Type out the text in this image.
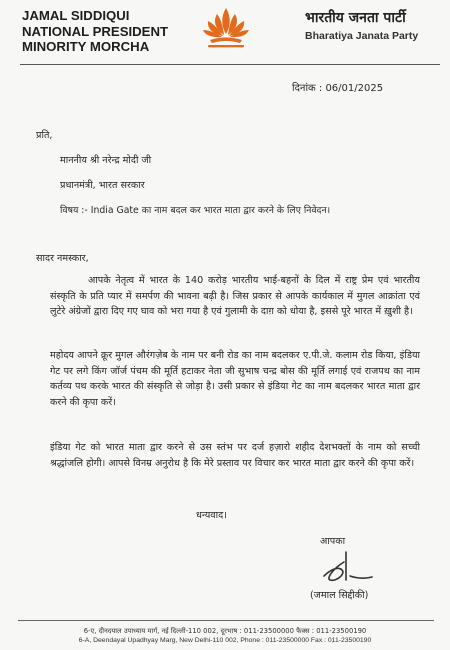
JAMAL SIDDIQUI
NATIONAL PRESIDENT
MINORITY MORCHA
भारतीय जनता पार्टी
Bharatiya Janata Party
दिनांक : 06/01/2025
प्रति,
माननीय श्री नरेन्द्र मोदी जी
प्रधानमंत्री, भारत सरकार
विषय :- India Gate का नाम बदल कर भारत माता द्वार करने के लिए निवेदन।
सादर नमस्कार,
आपके नेतृत्व में भारत के 140 करोड़ भारतीय भाई-बहनों के दिल में राष्ट्र प्रेम एवं भारतीय संस्कृति के प्रति प्यार में समर्पण की भावना बढ़ी है। जिस प्रकार से आपके कार्यकाल में मुगल आक्रांता एवं लुटेरे अंग्रेजों द्वारा दिए गए घाव को भरा गया है एवं गुलामी के दाग़ को धोया है, इससे पूरे भारत में ख़ुशी है।
महोदय आपने क्रूर मुगल औरंगज़ेब के नाम पर बनी रोड का नाम बदलकर ए.पी.जे. कलाम रोड किया, इंडिया गेट पर लगे किंग जॉर्ज पंचम की मूर्ति हटाकर नेता जी सुभाष चन्द्र बोस की मूर्ति लगाई एवं राजपथ का नाम कर्तव्य पथ करके भारत की संस्कृति से जोड़ा है। उसी प्रकार से इंडिया गेट का नाम बदलकर भारत माता द्वार करने की कृपा करें।
इंडिया गेट को भारत माता द्वार करने से उस स्तंभ पर दर्ज हज़ारो शहीद देशभक्तों के नाम को सच्ची श्रद्धांजलि होगी। आपसे विनम्र अनुरोध है कि मेरे प्रस्ताव पर विचार कर भारत माता द्वार करने की कृपा करें।
धन्यवाद।
आपका
(जमाल सिद्दीकी)
6-ए, दीनदयाल उपाध्याय मार्ग, नई दिल्ली-110 002, दूरभाष : 011-23500000 फैक्स : 011-23500190
6-A, Deendayal Upadhyay Marg, New Delhi-110 002, Phone : 011-23500000 Fax : 011-23500190
